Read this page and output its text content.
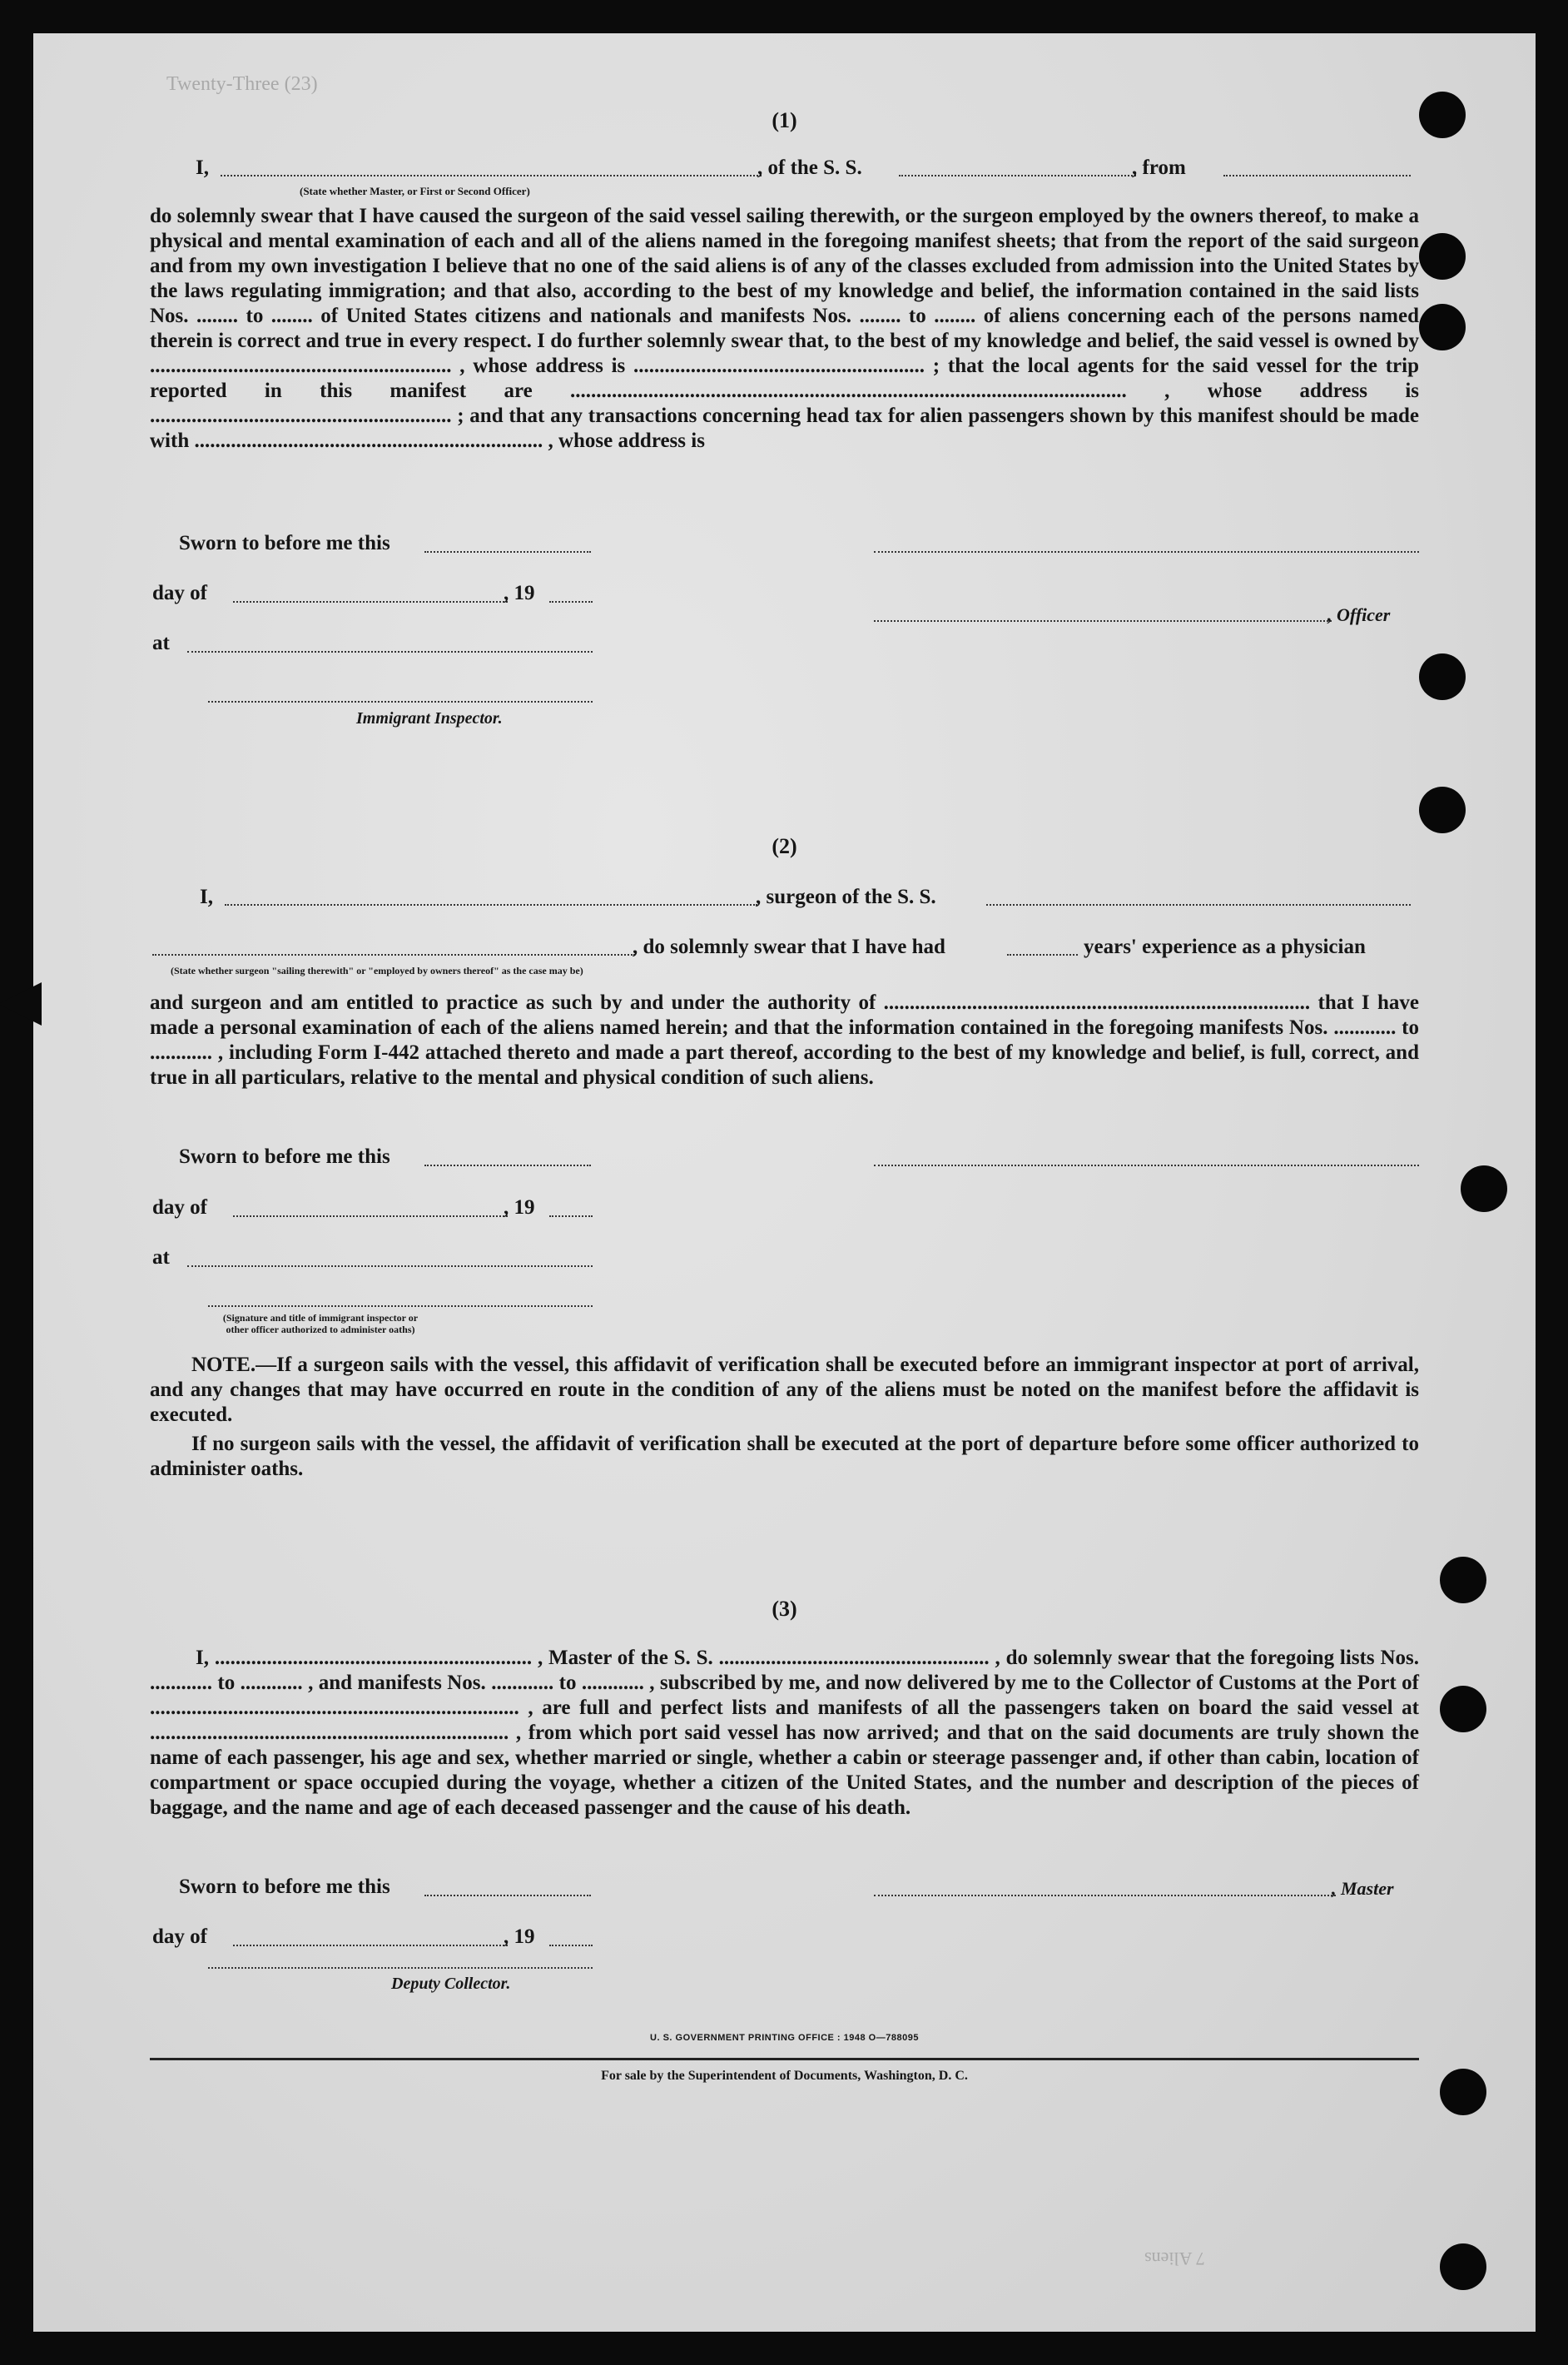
Twenty-Three (23)
(1)
I,	, of the S. S.	, from
(State whether Master, or First or Second Officer)
do solemnly swear that I have caused the surgeon of the said vessel sailing therewith, or the surgeon employed by the owners thereof, to make a physical and mental examination of each and all of the aliens named in the foregoing manifest sheets; that from the report of the said surgeon and from my own investigation I believe that no one of the said aliens is of any of the classes excluded from admission into the United States by the laws regulating immigration; and that also, according to the best of my knowledge and belief, the information contained in the said lists Nos. ........ to ........ of United States citizens and nationals and manifests Nos. ........ to ........ of aliens concerning each of the persons named therein is correct and true in every respect. I do further solemnly swear that, to the best of my knowledge and belief, the said vessel is owned by .......................................................... , whose address is ........................................................ ; that the local agents for the said vessel for the trip reported in this manifest are ........................................................................................................... , whose address is .......................................................... ; and that any transactions concerning head tax for alien passengers shown by this manifest should be made with ................................................................... , whose address is
Sworn to before me this
day of	, 19
, Officer
at
Immigrant Inspector.
(2)
I,	, surgeon of the S. S.
, do solemnly swear that I have had	years' experience as a physician
(State whether surgeon "sailing therewith" or "employed by owners thereof" as the case may be)
and surgeon and am entitled to practice as such by and under the authority of .................................................................................. that I have made a personal examination of each of the aliens named herein; and that the information contained in the foregoing manifests Nos. ............ to ............ , including Form I-442 attached thereto and made a part thereof, according to the best of my knowledge and belief, is full, correct, and true in all particulars, relative to the mental and physical condition of such aliens.
Sworn to before me this
day of	, 19
at
(Signature and title of immigrant inspector or other officer authorized to administer oaths)
NOTE.—If a surgeon sails with the vessel, this affidavit of verification shall be executed before an immigrant inspector at port of arrival, and any changes that may have occurred en route in the condition of any of the aliens must be noted on the manifest before the affidavit is executed.
If no surgeon sails with the vessel, the affidavit of verification shall be executed at the port of departure before some officer authorized to administer oaths.
(3)
I, ............................................................. , Master of the S. S. .................................................... , do solemnly swear that the foregoing lists Nos. ............ to ............ , and manifests Nos. ............ to ............ , subscribed by me, and now delivered by me to the Collector of Customs at the Port of ....................................................................... , are full and perfect lists and manifests of all the passengers taken on board the said vessel at ..................................................................... , from which port said vessel has now arrived; and that on the said documents are truly shown the name of each passenger, his age and sex, whether married or single, whether a cabin or steerage passenger and, if other than cabin, location of compartment or space occupied during the voyage, whether a citizen of the United States, and the number and description of the pieces of baggage, and the name and age of each deceased passenger and the cause of his death.
Sworn to before me this	, Master
day of	, 19
Deputy Collector.
U. S. GOVERNMENT PRINTING OFFICE : 1948 O—788095
For sale by the Superintendent of Documents, Washington, D. C.
7 Aliens
